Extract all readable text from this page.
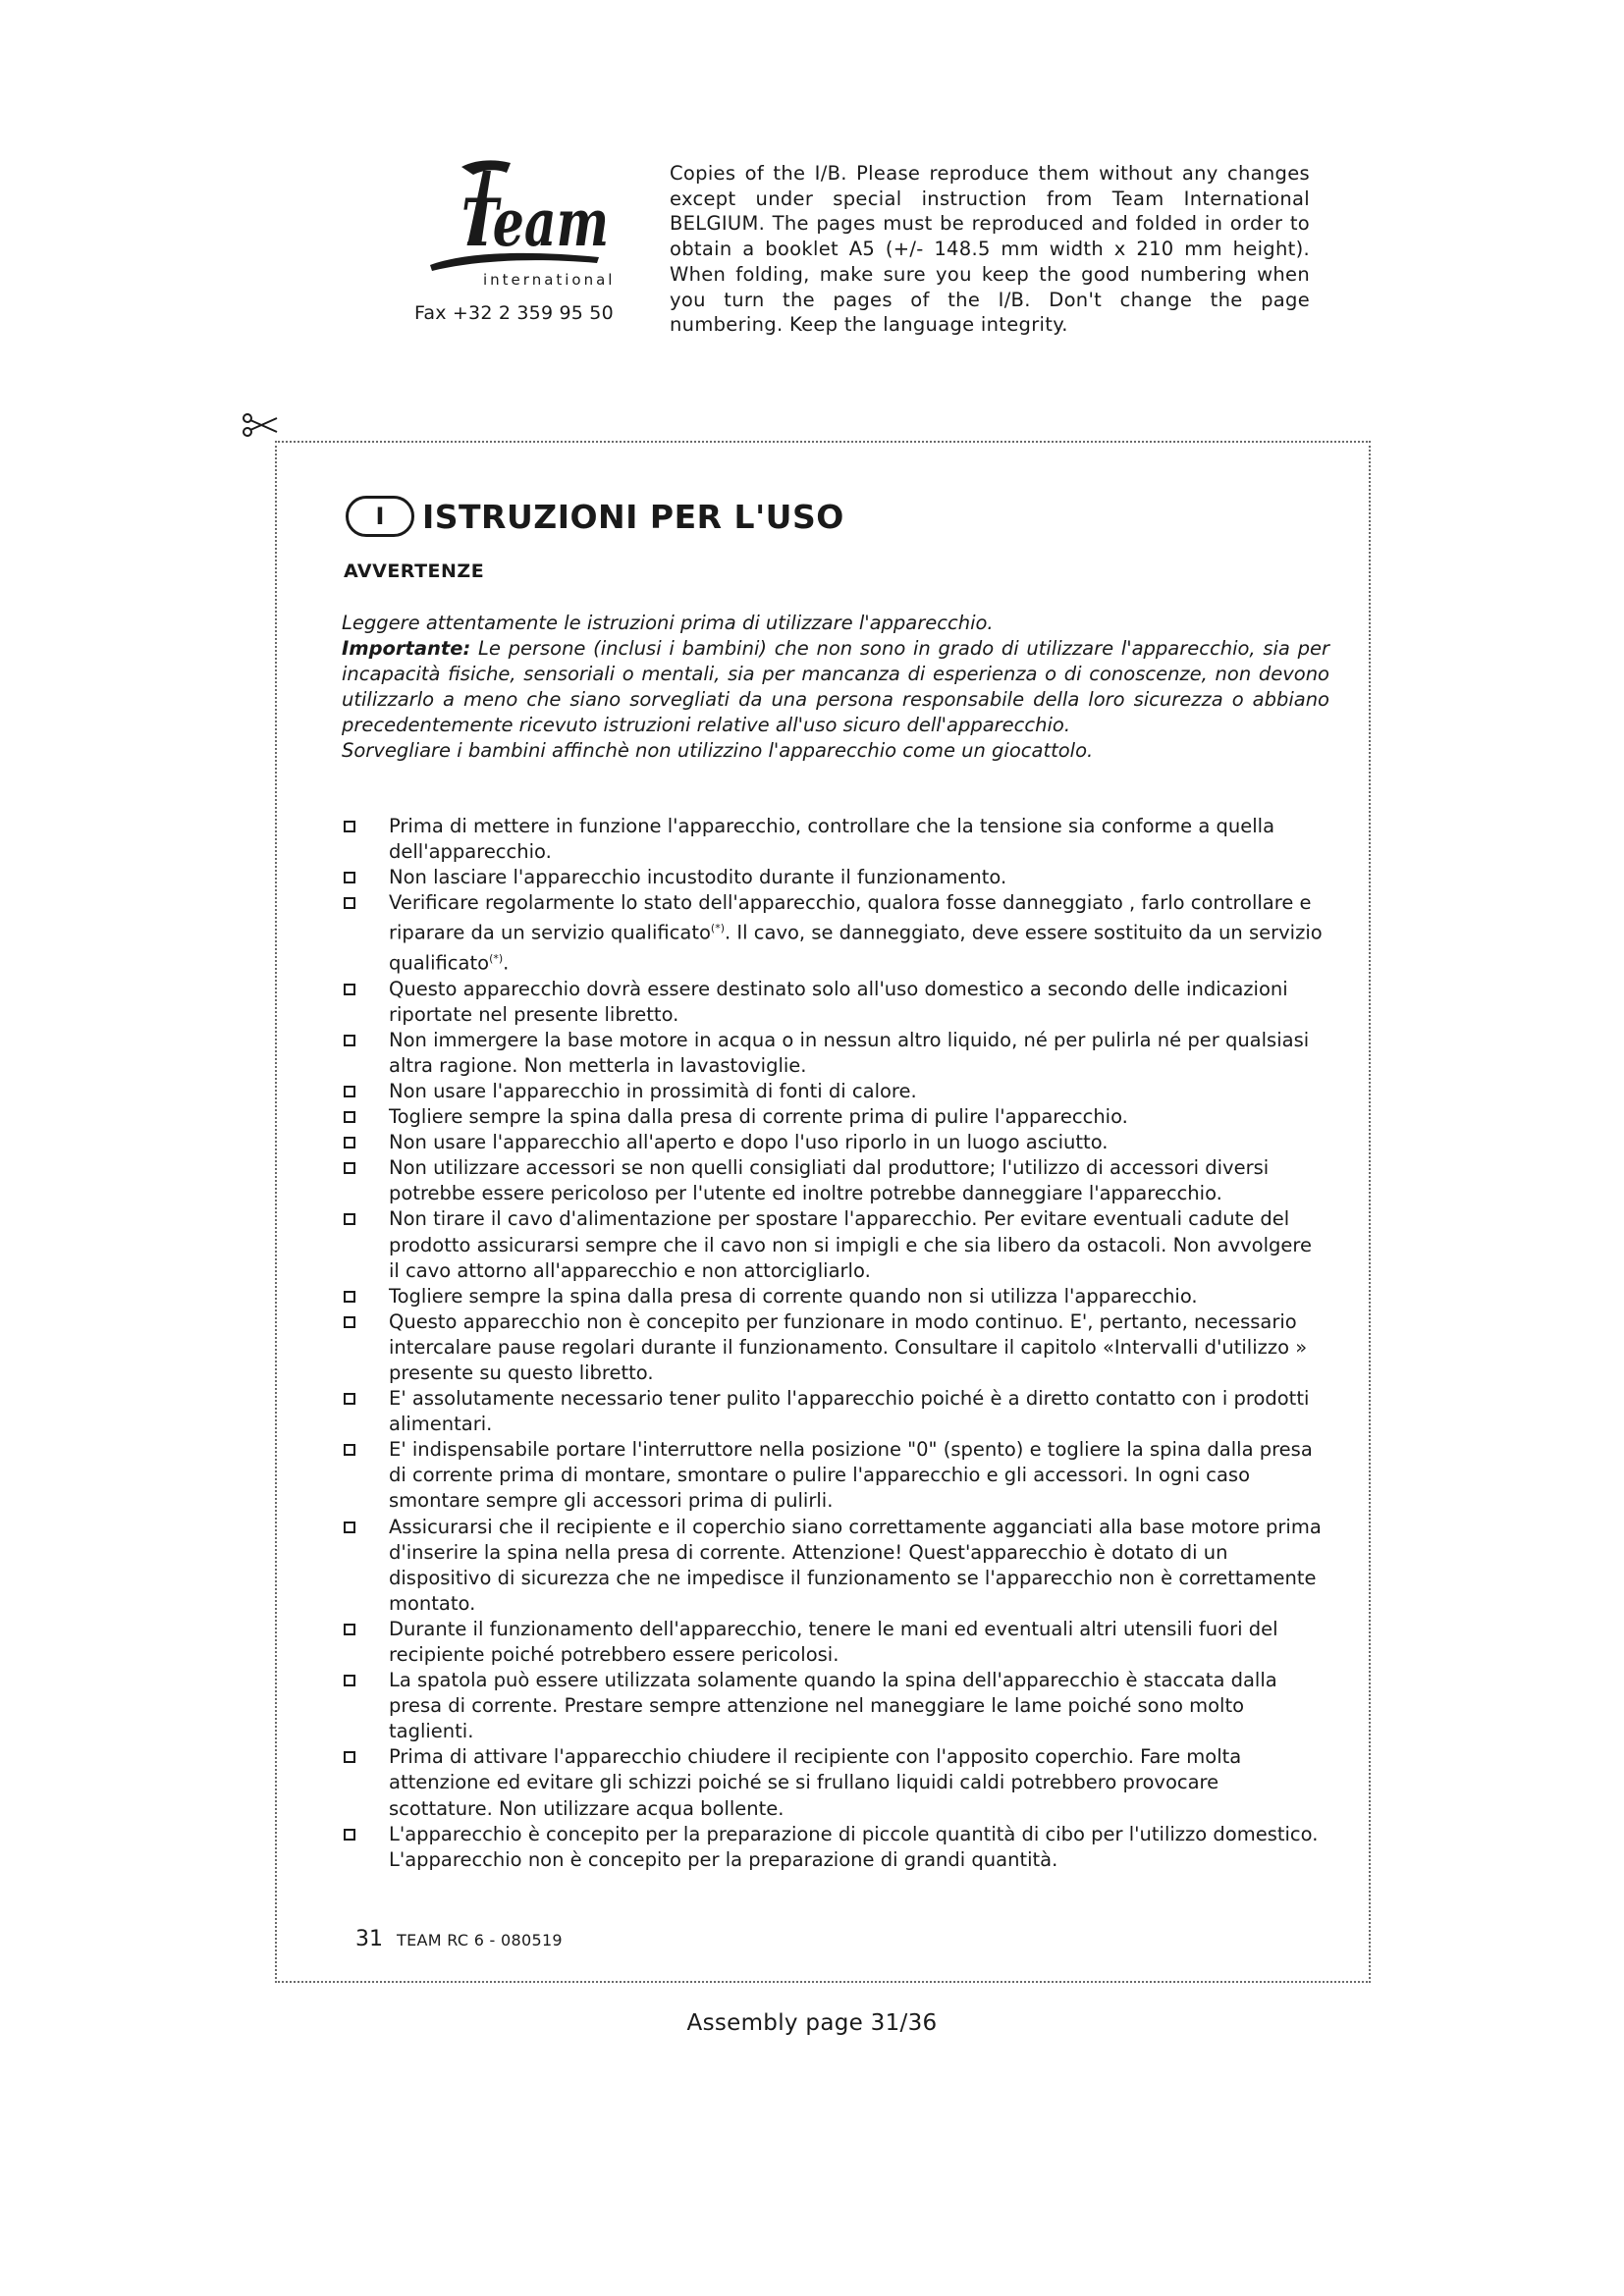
Team
international
Fax +32 2 359 95 50
Copies of the I/B. Please reproduce them without any changes except under special instruction from Team International BELGIUM. The pages must be reproduced and folded in order to obtain a booklet A5 (+/- 148.5 mm width x 210 mm height). When folding, make sure you keep the good numbering when you turn the pages of the I/B. Don't change the page numbering. Keep the language integrity.
I	ISTRUZIONI PER L'USO
AVVERTENZE

Leggere attentamente le istruzioni prima di utilizzare l'apparecchio.

Importante: Le persone (inclusi i bambini) che non sono in grado di utilizzare l'apparecchio, sia per incapacità fisiche, sensoriali o mentali, sia per mancanza di esperienza o di conoscenze, non devono utilizzarlo a meno che siano sorvegliati da una persona responsabile della loro sicurezza o abbiano precedentemente ricevuto istruzioni relative all'uso sicuro dell'apparecchio.

Sorvegliare i bambini affinchè non utilizzino l'apparecchio come un giocattolo.

Prima di mettere in funzione l'apparecchio, controllare che la tensione sia conforme a quella dell'apparecchio.
Non lasciare l'apparecchio incustodito durante il funzionamento.
Verificare regolarmente lo stato dell'apparecchio, qualora fosse danneggiato , farlo controllare e riparare da un servizio qualificato(*). Il cavo, se danneggiato, deve essere sostituito da un servizio qualificato(*).
Questo apparecchio dovrà essere destinato solo all'uso domestico a secondo delle indicazioni riportate nel presente libretto.
Non immergere la base motore in acqua o in nessun altro liquido, né per pulirla né per qualsiasi altra ragione. Non metterla in lavastoviglie.
Non usare l'apparecchio in prossimità di fonti di calore.
Togliere sempre la spina dalla presa di corrente prima di pulire l'apparecchio.
Non usare l'apparecchio all'aperto e dopo l'uso riporlo in un luogo asciutto.
Non utilizzare accessori se non quelli consigliati dal produttore; l'utilizzo di accessori diversi potrebbe essere pericoloso per l'utente ed inoltre potrebbe danneggiare l'apparecchio.
Non tirare il cavo d'alimentazione per spostare l'apparecchio. Per evitare eventuali cadute del prodotto assicurarsi sempre che il cavo non si impigli e che sia libero da ostacoli. Non avvolgere il cavo attorno all'apparecchio e non attorcigliarlo.
Togliere sempre la spina dalla presa di corrente quando non si utilizza l'apparecchio.
Questo apparecchio non è concepito per funzionare in modo continuo. E', pertanto, necessario intercalare pause regolari durante il funzionamento. Consultare il capitolo «Intervalli d'utilizzo » presente su questo libretto.
E' assolutamente necessario tener pulito l'apparecchio poiché è a diretto contatto con i prodotti alimentari.
E' indispensabile portare l'interruttore nella posizione "0" (spento) e togliere la spina dalla presa di corrente prima di montare, smontare o pulire l'apparecchio e gli accessori. In ogni caso smontare sempre gli accessori prima di pulirli.
Assicurarsi che il recipiente e il coperchio siano correttamente agganciati alla base motore prima d'inserire la spina nella presa di corrente. Attenzione! Quest'apparecchio è dotato di un dispositivo di sicurezza che ne impedisce il funzionamento se l'apparecchio non è correttamente montato.
Durante il funzionamento dell'apparecchio, tenere le mani ed eventuali altri utensili fuori del recipiente poiché potrebbero essere pericolosi.
La spatola può essere utilizzata solamente quando la spina dell'apparecchio è staccata dalla presa di corrente. Prestare sempre attenzione nel maneggiare le lame poiché sono molto taglienti.
Prima di attivare l'apparecchio chiudere il recipiente con l'apposito coperchio. Fare molta attenzione ed evitare gli schizzi poiché se si frullano liquidi caldi potrebbero provocare scottature. Non utilizzare acqua bollente.
L'apparecchio è concepito per la preparazione di piccole quantità di cibo per l'utilizzo domestico. L'apparecchio non è concepito per la preparazione di grandi quantità.
31 TEAM RC 6 - 080519
Assembly page 31/36
